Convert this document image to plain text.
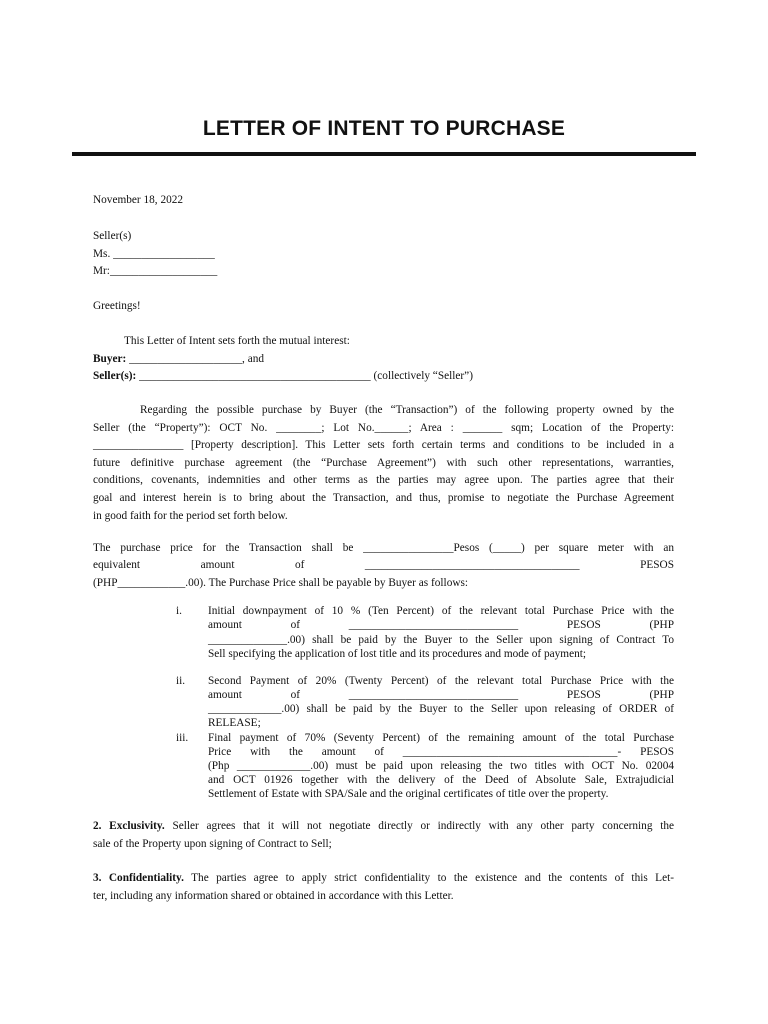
LETTER OF INTENT TO PURCHASE
November 18, 2022
Seller(s)
Ms. __________________
Mr:___________________
Greetings!
This Letter of Intent sets forth the mutual interest:
Buyer: ____________________, and
Seller(s): _________________________________________ (collectively “Seller”)
Regarding the possible purchase by Buyer (the “Transaction”) of the following property owned by the
Seller (the “Property”): OCT No. ________; Lot No.______; Area : _______ sqm; Location of the Property:
________________ [Property description]. This Letter sets forth certain terms and conditions to be included in a
future definitive purchase agreement (the “Purchase Agreement”) with such other representations, warranties,
conditions, covenants, indemnities and other terms as the parties may agree upon. The parties agree that their
goal and interest herein is to bring about the Transaction, and thus, promise to negotiate the Purchase Agreement
in good faith for the period set forth below.
The purchase price for the Transaction shall be ________________Pesos (_____) per square meter with an
equivalent amount of ______________________________________ PESOS
(PHP____________.00). The Purchase Price shall be payable by Buyer as follows:
i. Initial downpayment of 10 % (Ten Percent) of the relevant total Purchase Price with the
amount of ______________________________ PESOS (PHP
______________.00) shall be paid by the Buyer to the Seller upon signing of Contract To
Sell specifying the application of lost title and its procedures and mode of payment;
ii. Second Payment of 20% (Twenty Percent) of the relevant total Purchase Price with the
amount of ______________________________ PESOS (PHP
_____________.00) shall be paid by the Buyer to the Seller upon releasing of ORDER of
RELEASE;
iii. Final payment of 70% (Seventy Percent) of the remaining amount of the total Purchase
Price with the amount of ______________________________________- PESOS
(Php _____________.00) must be paid upon releasing the two titles with OCT No. 02004
and OCT 01926 together with the delivery of the Deed of Absolute Sale, Extrajudicial
Settlement of Estate with SPA/Sale and the original certificates of title over the property.
2. Exclusivity. Seller agrees that it will not negotiate directly or indirectly with any other party concerning the
sale of the Property upon signing of Contract to Sell;
3. Confidentiality. The parties agree to apply strict confidentiality to the existence and the contents of this Let-
ter, including any information shared or obtained in accordance with this Letter.
